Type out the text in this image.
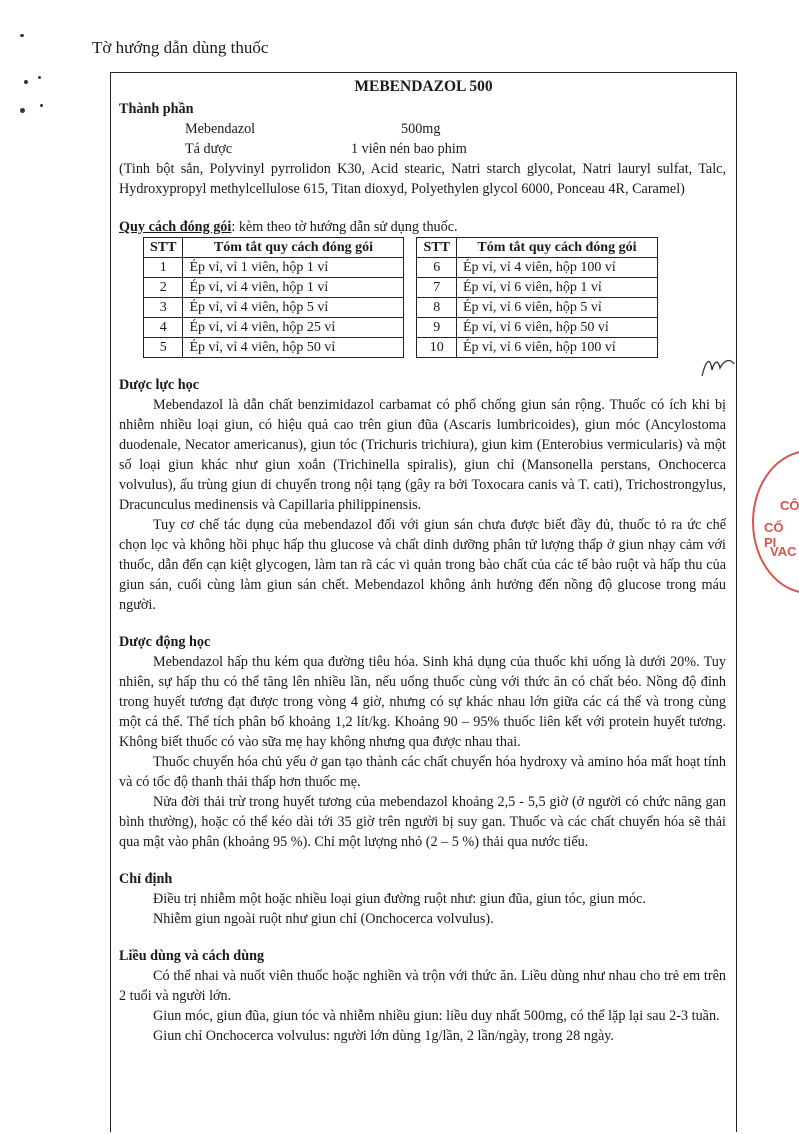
Tờ hướng dẫn dùng thuốc
MEBENDAZOL 500

Thành phần

Mebendazol	500mg
Tá dược	1 viên nén bao phim

(Tinh bột sắn, Polyvinyl pyrrolidon K30, Acid stearic, Natri starch glycolat, Natri lauryl sulfat, Talc, Hydroxypropyl methylcellulose 615, Titan dioxyd, Polyethylen glycol 6000, Ponceau 4R, Caramel)

Quy cách đóng gói: kèm theo tờ hướng dẫn sử dụng thuốc.

STT	Tóm tắt quy cách đóng gói
1	Ép vỉ, vỉ 1 viên, hộp 1 vỉ
2	Ép vỉ, vỉ 4 viên, hộp 1 vỉ
3	Ép vỉ, vỉ 4 viên, hộp 5 vỉ
4	Ép vỉ, vỉ 4 viên, hộp 25 vỉ
5	Ép vỉ, vỉ 4 viên, hộp 50 vỉ
STT	Tóm tắt quy cách đóng gói
6	Ép vỉ, vỉ 4 viên, hộp 100 vỉ
7	Ép vỉ, vỉ 6 viên, hộp 1 vỉ
8	Ép vỉ, vỉ 6 viên, hộp 5 vỉ
9	Ép vỉ, vỉ 6 viên, hộp 50 vỉ
10	Ép vỉ, vỉ 6 viên, hộp 100 vỉ

Dược lực học

Mebendazol là dẫn chất benzimidazol carbamat có phổ chống giun sán rộng. Thuốc có ích khi bị nhiễm nhiều loại giun, có hiệu quả cao trên giun đũa (Ascaris lumbricoides), giun móc (Ancylostoma duodenale, Necator americanus), giun tóc (Trichuris trichiura), giun kim (Enterobius vermicularis) và một số loại giun khác như giun xoắn (Trichinella spiralis), giun chỉ (Mansonella perstans, Onchocerca volvulus), ấu trùng giun di chuyển trong nội tạng (gây ra bởi Toxocara canis và T. cati), Trichostrongylus, Dracunculus medinensis và Capillaria philippinensis.

Tuy cơ chế tác dụng của mebendazol đối với giun sán chưa được biết đầy đủ, thuốc tỏ ra ức chế chọn lọc và không hồi phục hấp thu glucose và chất dinh dưỡng phân tử lượng thấp ở giun nhạy cảm với thuốc, dẫn đến cạn kiệt glycogen, làm tan rã các vi quản trong bào chất của các tế bào ruột và hấp thu của giun sán, cuối cùng làm giun sán chết. Mebendazol không ảnh hưởng đến nồng độ glucose trong máu người.

Dược động học

Mebendazol hấp thu kém qua đường tiêu hóa. Sinh khả dụng của thuốc khi uống là dưới 20%. Tuy nhiên, sự hấp thu có thể tăng lên nhiều lần, nếu uống thuốc cùng với thức ăn có chất béo. Nồng độ đỉnh trong huyết tương đạt được trong vòng 4 giờ, nhưng có sự khác nhau lớn giữa các cá thể và trong cùng một cá thể. Thể tích phân bố khoảng 1,2 lít/kg. Khoảng 90 – 95% thuốc liên kết với protein huyết tương. Không biết thuốc có vào sữa mẹ hay không nhưng qua được nhau thai.

Thuốc chuyển hóa chủ yếu ở gan tạo thành các chất chuyển hóa hydroxy và amino hóa mất hoạt tính và có tốc độ thanh thải thấp hơn thuốc mẹ.

Nửa đời thải trừ trong huyết tương của mebendazol khoảng 2,5 - 5,5 giờ (ở người có chức năng gan bình thường), hoặc có thể kéo dài tới 35 giờ trên người bị suy gan. Thuốc và các chất chuyển hóa sẽ thải qua mật vào phân (khoảng 95 %). Chỉ một lượng nhỏ (2 – 5 %) thải qua nước tiểu.

Chỉ định

Điều trị nhiễm một hoặc nhiều loại giun đường ruột như: giun đũa, giun tóc, giun móc.

Nhiễm giun ngoài ruột như giun chỉ (Onchocerca volvulus).

Liều dùng và cách dùng

Có thể nhai và nuốt viên thuốc hoặc nghiền và trộn với thức ăn. Liều dùng như nhau cho trẻ em trên 2 tuổi và người lớn.

Giun móc, giun đũa, giun tóc và nhiễm nhiều giun: liều duy nhất 500mg, có thể lặp lại sau 2-3 tuần.

Giun chỉ Onchocerca volvulus: người lớn dùng 1g/lần, 2 lần/ngày, trong 28 ngày.

CÔ
CỔ PI
VAC
